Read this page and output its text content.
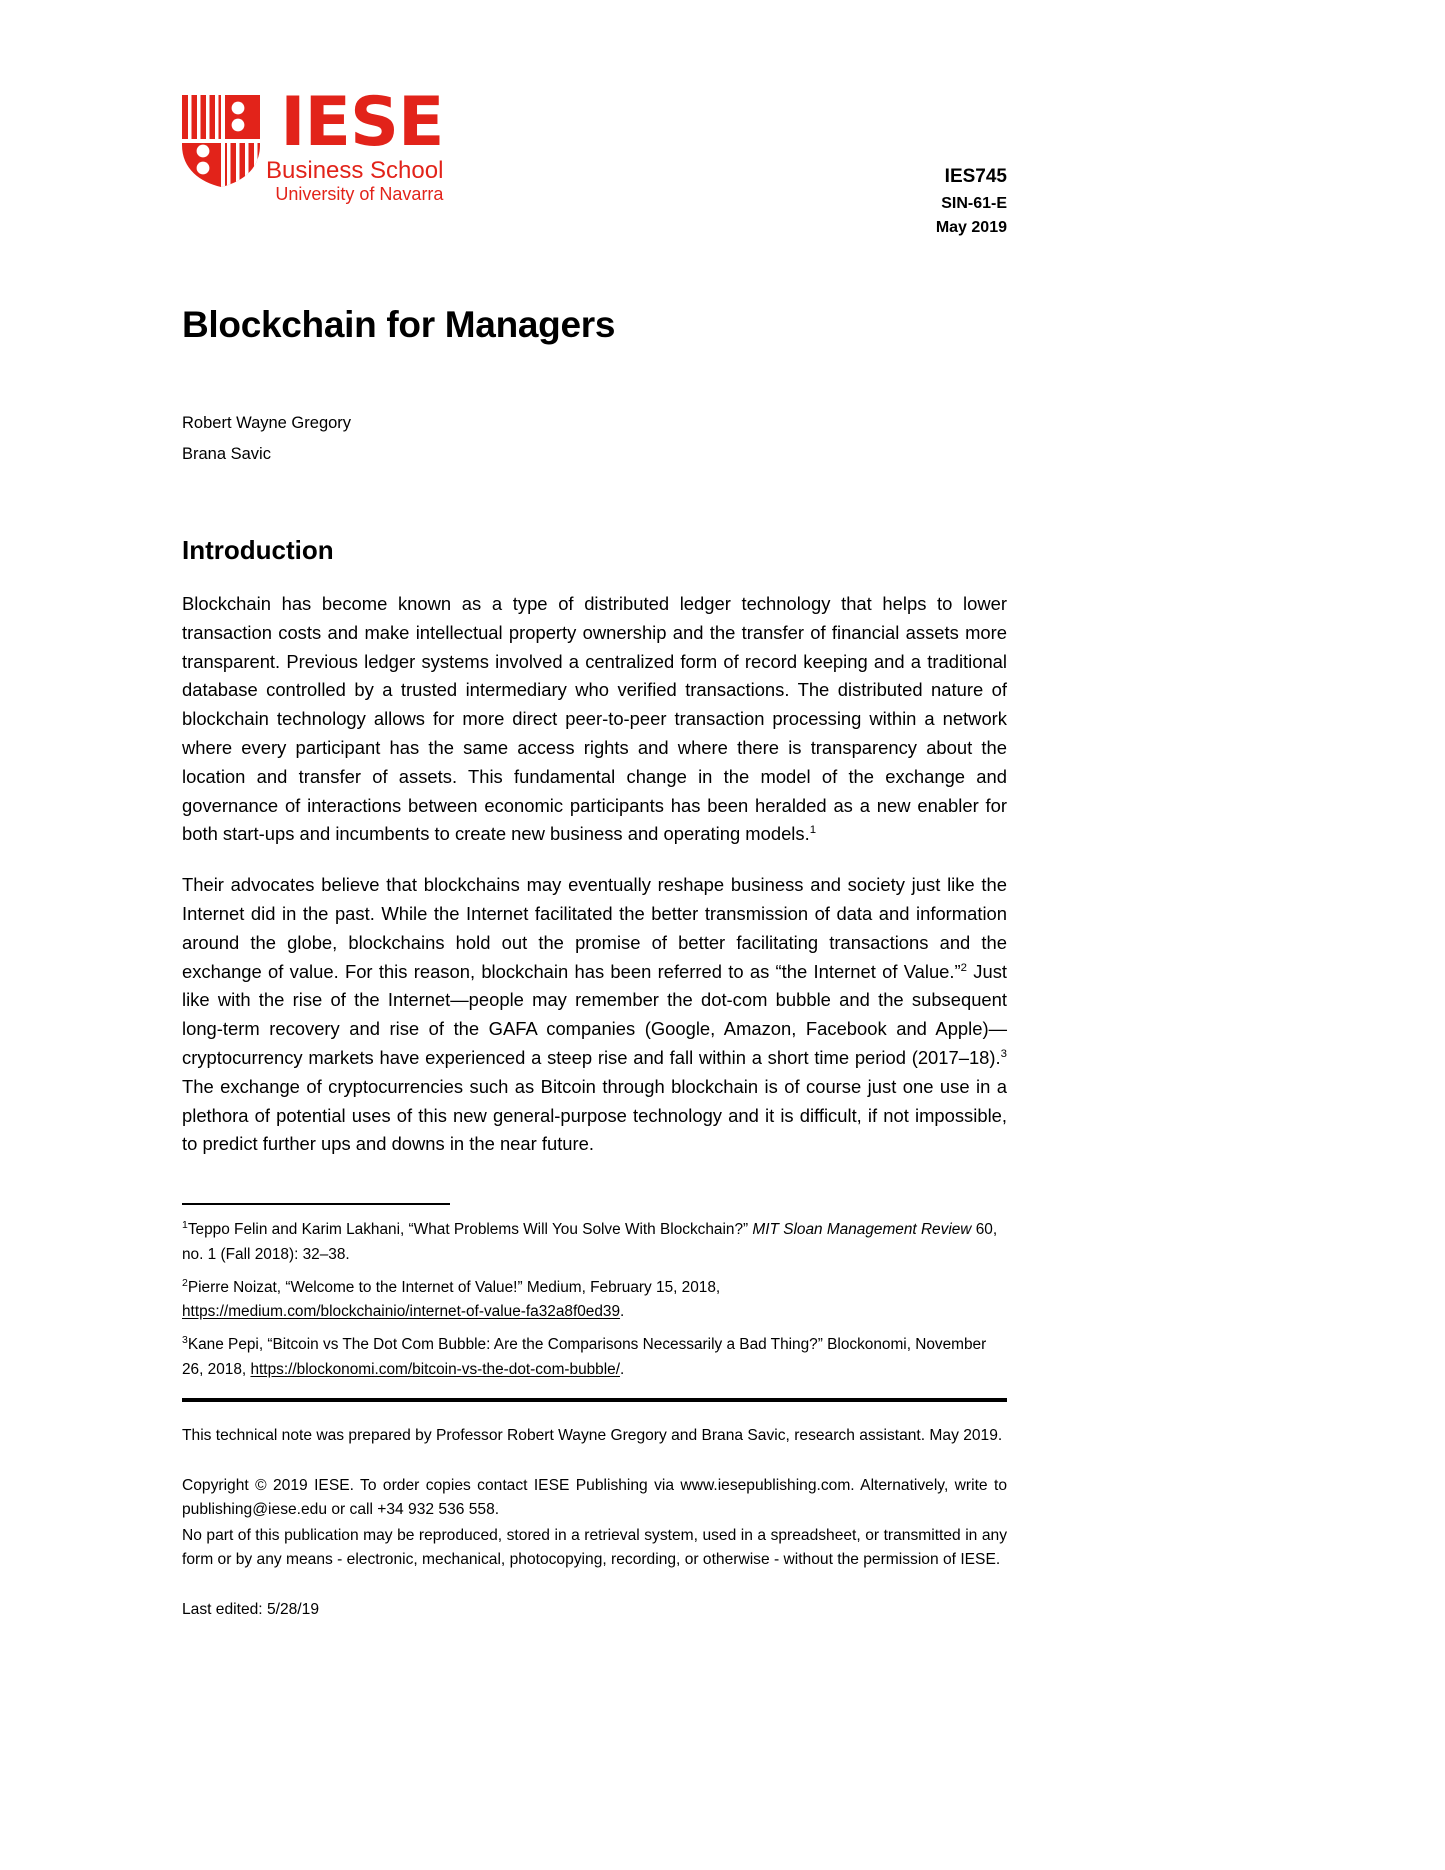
IESE
Business School
University of Navarra
IES745
SIN-61-E
May 2019
Blockchain for Managers
Robert Wayne Gregory
Brana Savic
Introduction

Blockchain has become known as a type of distributed ledger technology that helps to lower transaction costs and make intellectual property ownership and the transfer of financial assets more transparent. Previous ledger systems involved a centralized form of record keeping and a traditional database controlled by a trusted intermediary who verified transactions. The distributed nature of blockchain technology allows for more direct peer-to-peer transaction processing within a network where every participant has the same access rights and where there is transparency about the location and transfer of assets. This fundamental change in the model of the exchange and governance of interactions between economic participants has been heralded as a new enabler for both start-ups and incumbents to create new business and operating models.$^1$

Their advocates believe that blockchains may eventually reshape business and society just like the Internet did in the past. While the Internet facilitated the better transmission of data and information around the globe, blockchains hold out the promise of better facilitating transactions and the exchange of value. For this reason, blockchain has been referred to as “the Internet of Value.”$^2$ Just like with the rise of the Internet—people may remember the dot-com bubble and the subsequent long-term recovery and rise of the GAFA companies (Google, Amazon, Facebook and Apple)—cryptocurrency markets have experienced a steep rise and fall within a short time period (2017–18).$^3$ The exchange of cryptocurrencies such as Bitcoin through blockchain is of course just one use in a plethora of potential uses of this new general-purpose technology and it is difficult, if not impossible, to predict further ups and downs in the near future.

$^1$Teppo Felin and Karim Lakhani, “What Problems Will You Solve With Blockchain?” MIT Sloan Management Review 60, no. 1 (Fall 2018): 32–38.
$^2$Pierre Noizat, “Welcome to the Internet of Value!” Medium, February 15, 2018, https://medium.com/blockchainio/internet-of-value-fa32a8f0ed39.
$^3$Kane Pepi, “Bitcoin vs The Dot Com Bubble: Are the Comparisons Necessarily a Bad Thing?” Blockonomi, November 26, 2018, https://blockonomi.com/bitcoin-vs-the-dot-com-bubble/.
This technical note was prepared by Professor Robert Wayne Gregory and Brana Savic, research assistant. May 2019.
Copyright © 2019 IESE. To order copies contact IESE Publishing via www.iesepublishing.com. Alternatively, write to publishing@iese.edu or call +34 932 536 558.
No part of this publication may be reproduced, stored in a retrieval system, used in a spreadsheet, or transmitted in any form or by any means - electronic, mechanical, photocopying, recording, or otherwise - without the permission of IESE.
Last edited: 5/28/19
